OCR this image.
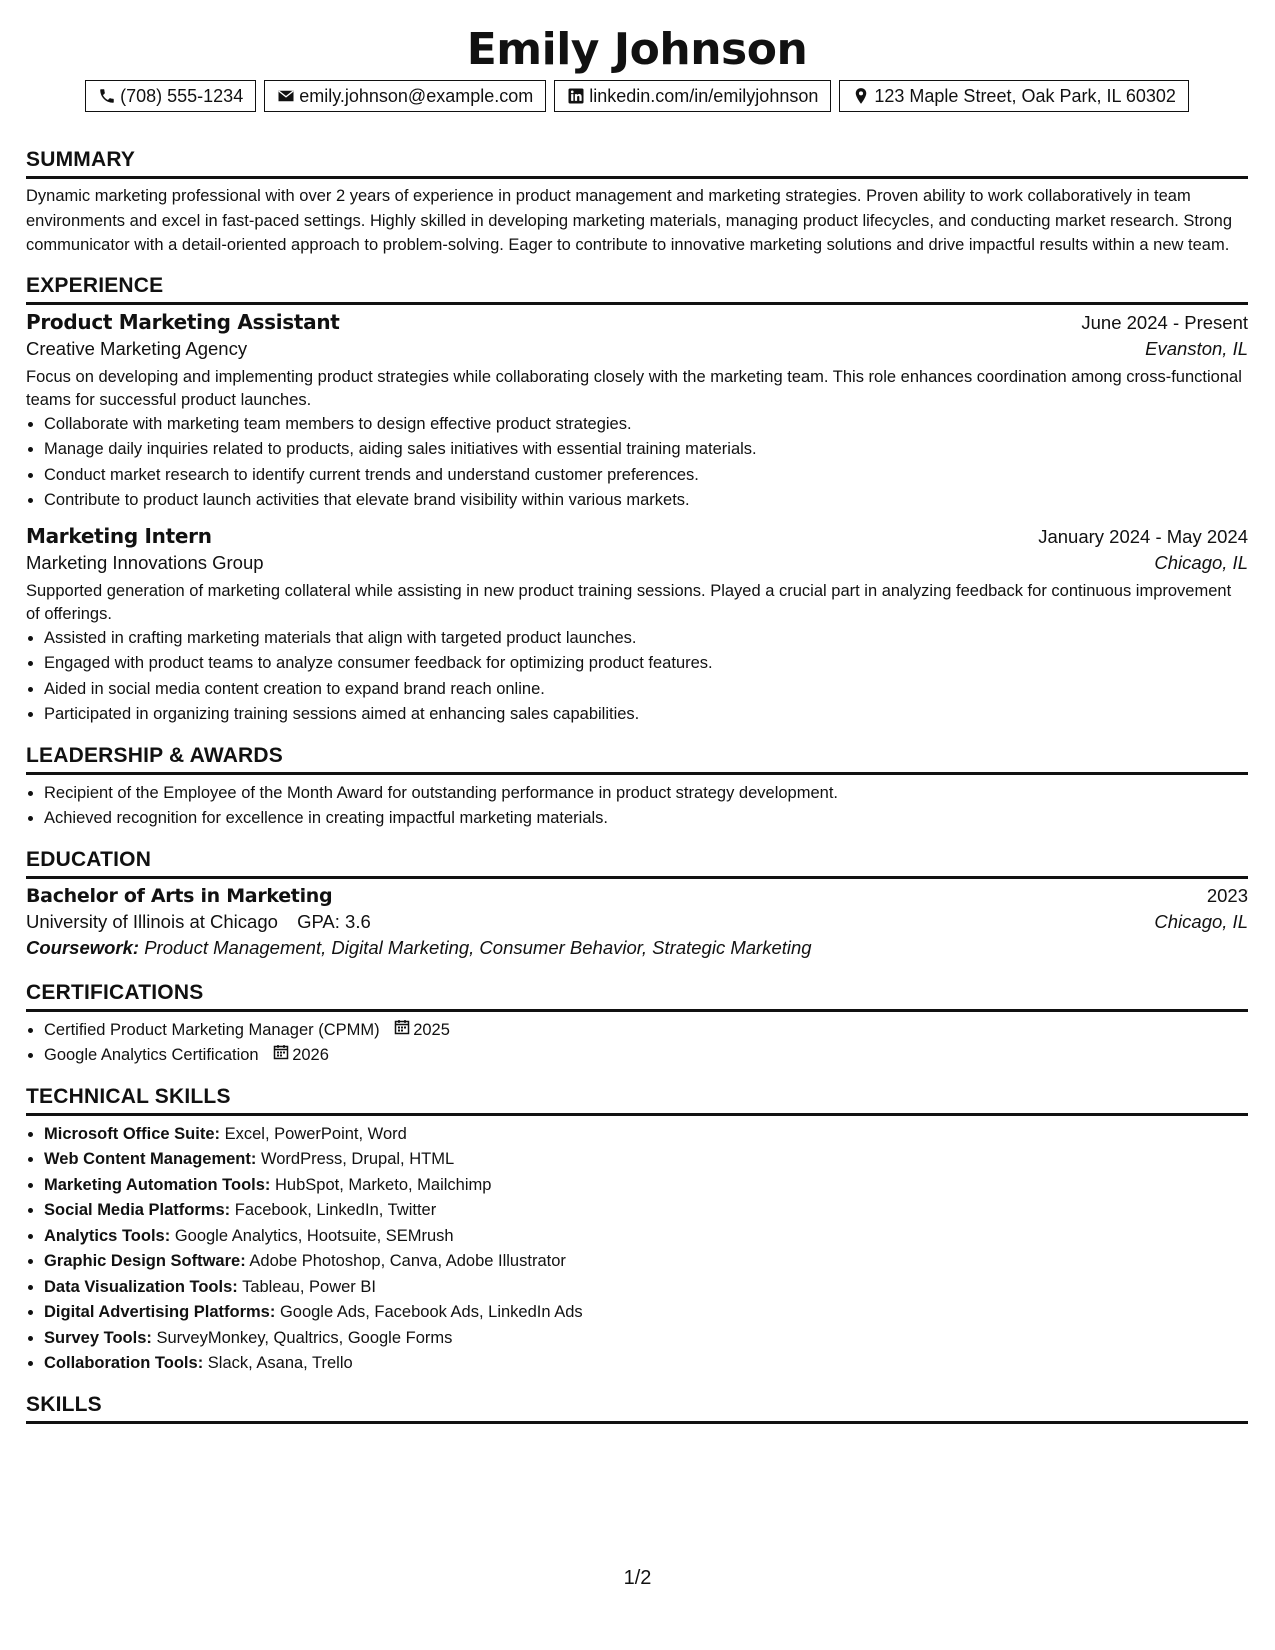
Emily Johnson
(708) 555-1234	emily.johnson@example.com	linkedin.com/in/emilyjohnson	123 Maple Street, Oak Park, IL 60302
SUMMARY

Dynamic marketing professional with over 2 years of experience in product management and marketing strategies. Proven ability to work collaboratively in team environments and excel in fast-paced settings. Highly skilled in developing marketing materials, managing product lifecycles, and conducting market research. Strong communicator with a detail-oriented approach to problem-solving. Eager to contribute to innovative marketing solutions and drive impactful results within a new team.

EXPERIENCE
Product Marketing Assistant	June 2024 - Present
Creative Marketing Agency	Evanston, IL

Focus on developing and implementing product strategies while collaborating closely with the marketing team. This role enhances coordination among cross-functional teams for successful product launches.

• Collaborate with marketing team members to design effective product strategies.
• Manage daily inquiries related to products, aiding sales initiatives with essential training materials.
• Conduct market research to identify current trends and understand customer preferences.
• Contribute to product launch activities that elevate brand visibility within various markets.
Marketing Intern	January 2024 - May 2024
Marketing Innovations Group	Chicago, IL

Supported generation of marketing collateral while assisting in new product training sessions. Played a crucial part in analyzing feedback for continuous improvement of offerings.

• Assisted in crafting marketing materials that align with targeted product launches.
• Engaged with product teams to analyze consumer feedback for optimizing product features.
• Aided in social media content creation to expand brand reach online.
• Participated in organizing training sessions aimed at enhancing sales capabilities.
LEADERSHIP & AWARDS
• Recipient of the Employee of the Month Award for outstanding performance in product strategy development.
• Achieved recognition for excellence in creating impactful marketing materials.
EDUCATION
Bachelor of Arts in Marketing	2023
University of Illinois at Chicago GPA: 3.6	Chicago, IL
Coursework: Product Management, Digital Marketing, Consumer Behavior, Strategic Marketing
CERTIFICATIONS
• Certified Product Marketing Manager (CPMM) 2025
• Google Analytics Certification 2026
TECHNICAL SKILLS
• Microsoft Office Suite: Excel, PowerPoint, Word
• Web Content Management: WordPress, Drupal, HTML
• Marketing Automation Tools: HubSpot, Marketo, Mailchimp
• Social Media Platforms: Facebook, LinkedIn, Twitter
• Analytics Tools: Google Analytics, Hootsuite, SEMrush
• Graphic Design Software: Adobe Photoshop, Canva, Adobe Illustrator
• Data Visualization Tools: Tableau, Power BI
• Digital Advertising Platforms: Google Ads, Facebook Ads, LinkedIn Ads
• Survey Tools: SurveyMonkey, Qualtrics, Google Forms
• Collaboration Tools: Slack, Asana, Trello
SKILLS
1/2
